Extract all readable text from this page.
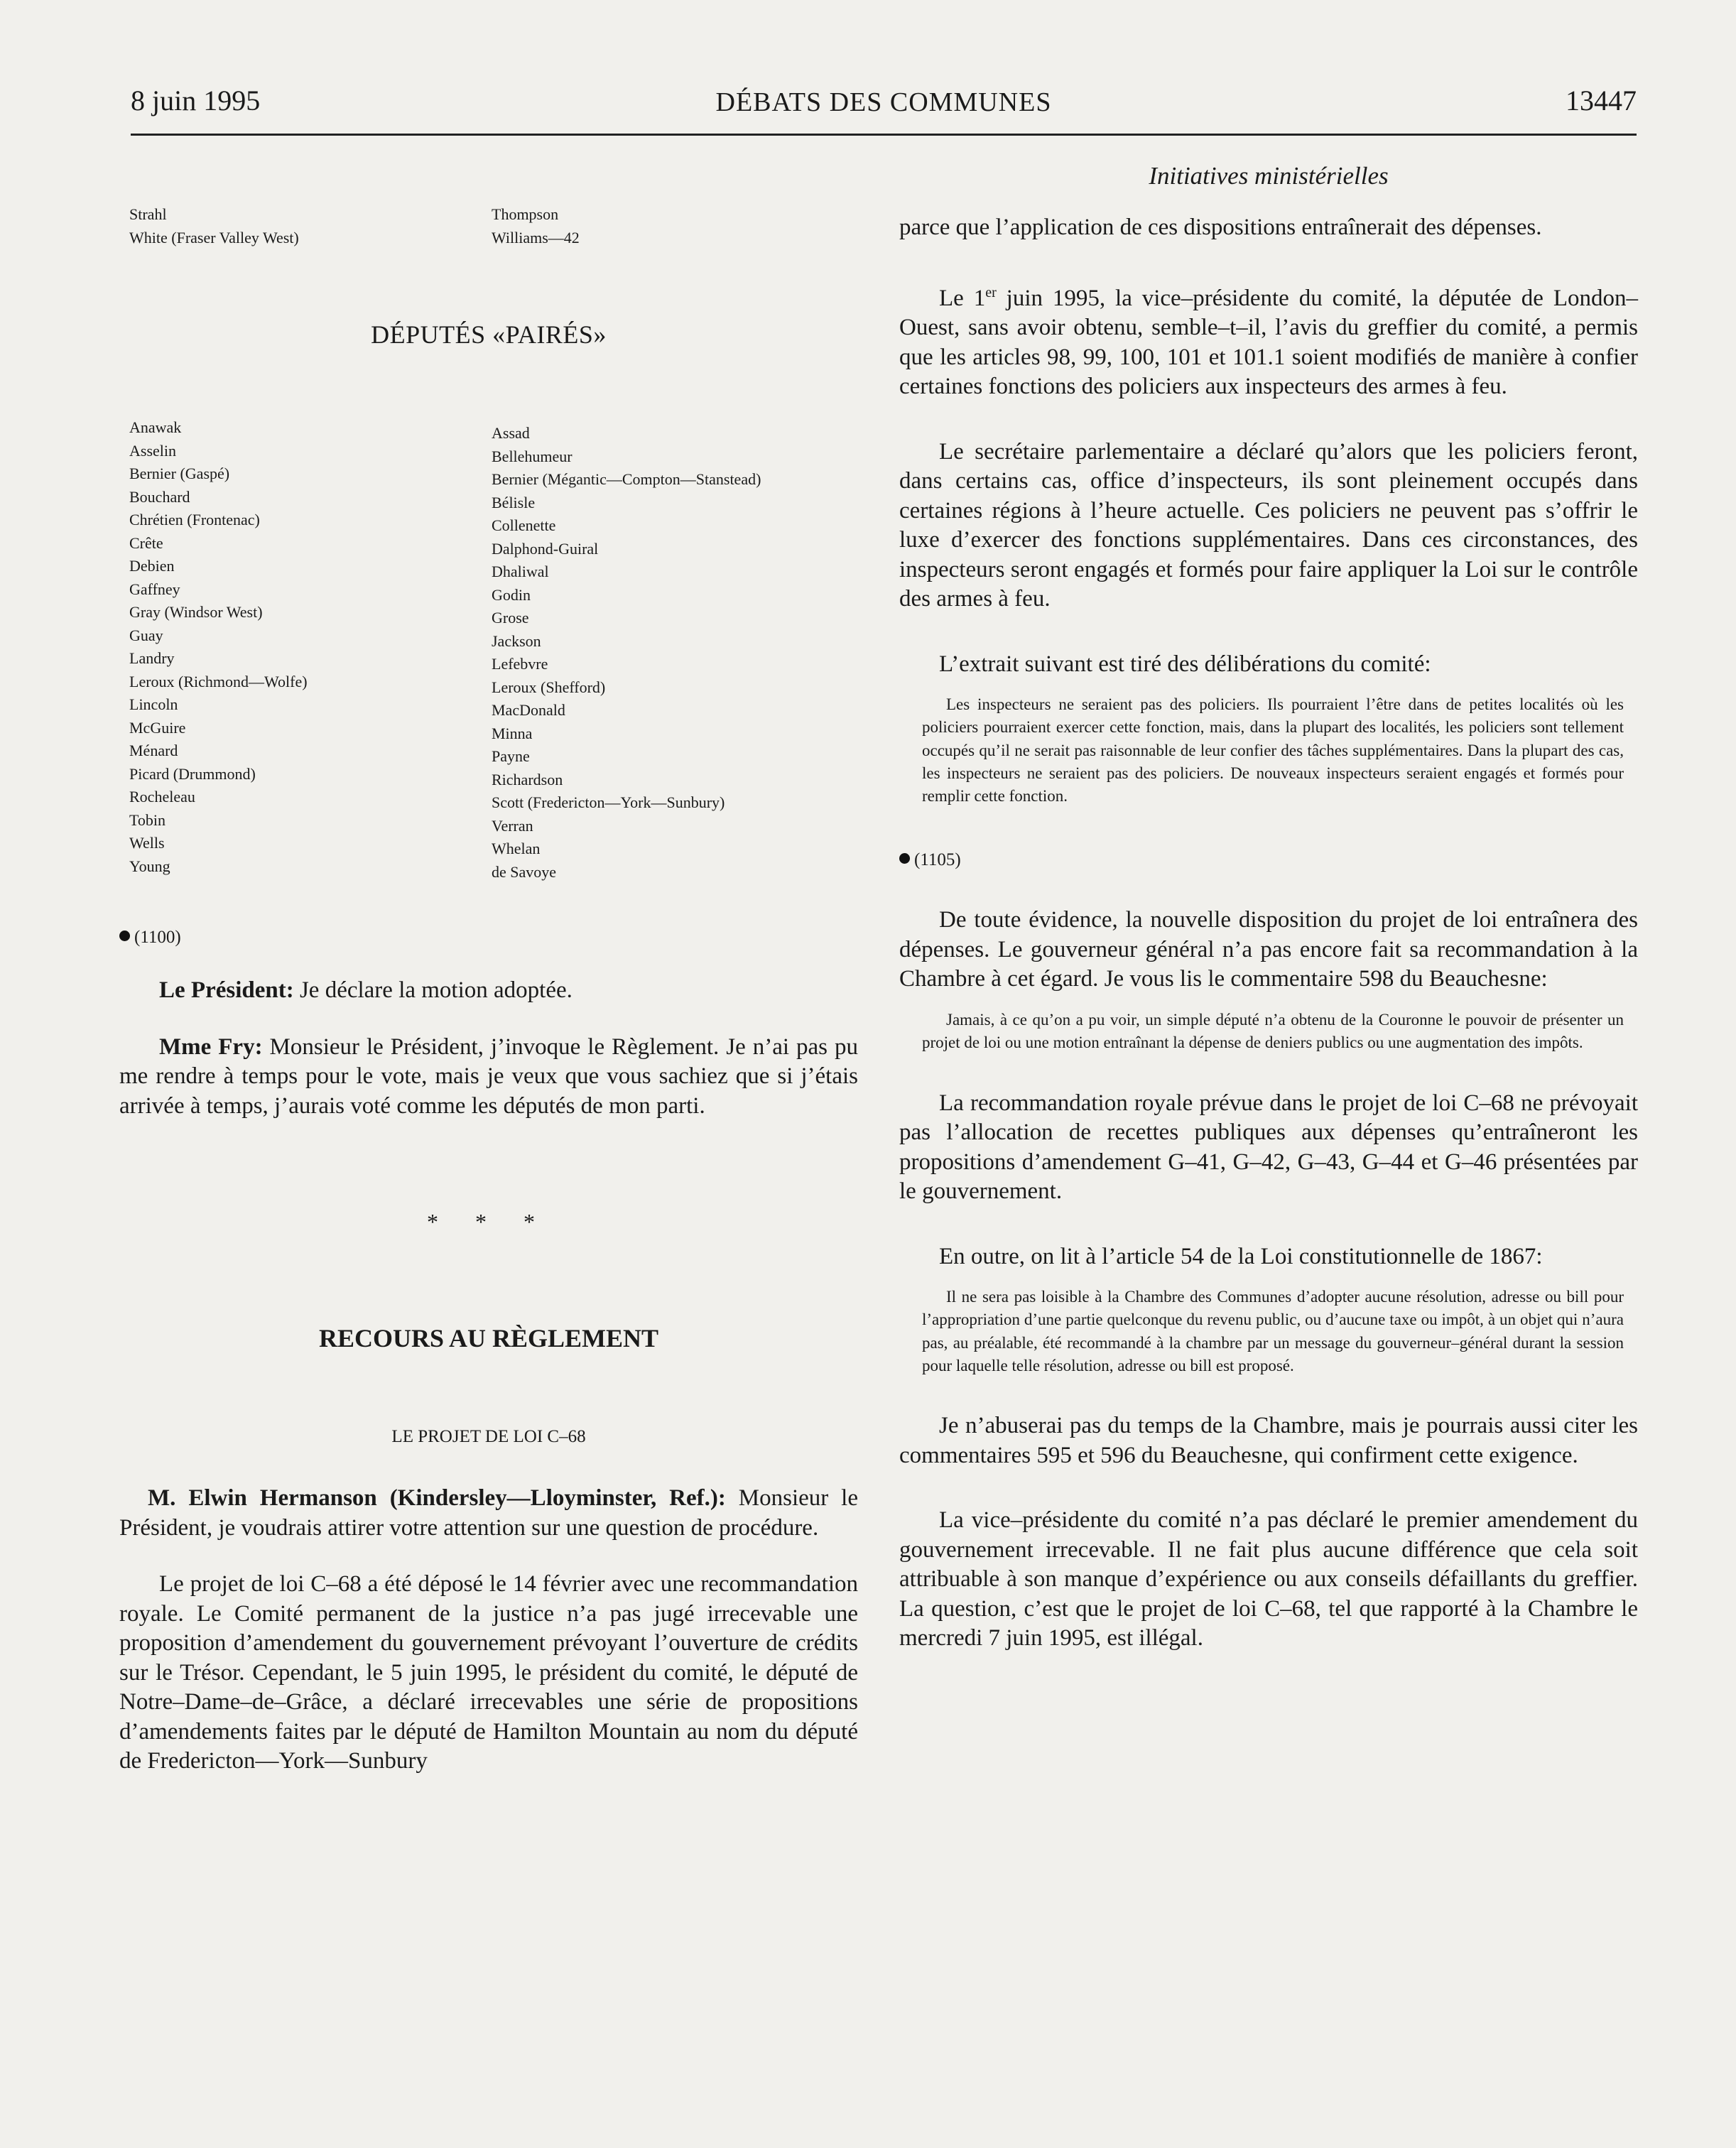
8 juin 1995	DÉBATS DES COMMUNES	13447
Initiatives ministérielles
Strahl
White (Fraser Valley West)
Thompson
Williams—42
DÉPUTÉS «PAIRÉS»
Anawak
Asselin
Bernier (Gaspé)
Bouchard
Chrétien (Frontenac)
Crête
Debien
Gaffney
Gray (Windsor West)
Guay
Landry
Leroux (Richmond—Wolfe)
Lincoln
McGuire
Ménard
Picard (Drummond)
Rocheleau
Tobin
Wells
Young
Assad
Bellehumeur
Bernier (Mégantic—Compton—Stanstead)
Bélisle
Collenette
Dalphond-Guiral
Dhaliwal
Godin
Grose
Jackson
Lefebvre
Leroux (Shefford)
MacDonald
Minna
Payne
Richardson
Scott (Fredericton—York—Sunbury)
Verran
Whelan
de Savoye
(1100)

Le Président: Je déclare la motion adoptée.

Mme Fry: Monsieur le Président, j’invoque le Règlement. Je n’ai pas pu me rendre à temps pour le vote, mais je veux que vous sachiez que si j’étais arrivée à temps, j’aurais voté comme les députés de mon parti.

* * *
RECOURS AU RÈGLEMENT
LE PROJET DE LOI C–68

M. Elwin Hermanson (Kindersley—Lloyminster, Ref.): Monsieur le Président, je voudrais attirer votre attention sur une question de procédure.

Le projet de loi C–68 a été déposé le 14 février avec une recommandation royale. Le Comité permanent de la justice n’a pas jugé irrecevable une proposition d’amendement du gouvernement prévoyant l’ouverture de crédits sur le Trésor. Cependant, le 5 juin 1995, le président du comité, le député de Notre–Dame–de–Grâce, a déclaré irrecevables une série de propositions d’amendements faites par le député de Hamilton Mountain au nom du député de Fredericton—York—Sunbury

parce que l’application de ces dispositions entraînerait des dépenses.

Le 1er juin 1995, la vice–présidente du comité, la députée de London–Ouest, sans avoir obtenu, semble–t–il, l’avis du greffier du comité, a permis que les articles 98, 99, 100, 101 et 101.1 soient modifiés de manière à confier certaines fonctions des policiers aux inspecteurs des armes à feu.

Le secrétaire parlementaire a déclaré qu’alors que les policiers feront, dans certains cas, office d’inspecteurs, ils sont pleinement occupés dans certaines régions à l’heure actuelle. Ces policiers ne peuvent pas s’offrir le luxe d’exercer des fonctions supplémentaires. Dans ces circonstances, des inspecteurs seront engagés et formés pour faire appliquer la Loi sur le contrôle des armes à feu.

L’extrait suivant est tiré des délibérations du comité:

Les inspecteurs ne seraient pas des policiers. Ils pourraient l’être dans de petites localités où les policiers pourraient exercer cette fonction, mais, dans la plupart des localités, les policiers sont tellement occupés qu’il ne serait pas raisonnable de leur confier des tâches supplémentaires. Dans la plupart des cas, les inspecteurs ne seraient pas des policiers. De nouveaux inspecteurs seraient engagés et formés pour remplir cette fonction.

(1105)

De toute évidence, la nouvelle disposition du projet de loi entraînera des dépenses. Le gouverneur général n’a pas encore fait sa recommandation à la Chambre à cet égard. Je vous lis le commentaire 598 du Beauchesne:

Jamais, à ce qu’on a pu voir, un simple député n’a obtenu de la Couronne le pouvoir de présenter un projet de loi ou une motion entraînant la dépense de deniers publics ou une augmentation des impôts.

La recommandation royale prévue dans le projet de loi C–68 ne prévoyait pas l’allocation de recettes publiques aux dépenses qu’entraîneront les propositions d’amendement G–41, G–42, G–43, G–44 et G–46 présentées par le gouvernement.

En outre, on lit à l’article 54 de la Loi constitutionnelle de 1867:

Il ne sera pas loisible à la Chambre des Communes d’adopter aucune résolution, adresse ou bill pour l’appropriation d’une partie quelconque du revenu public, ou d’aucune taxe ou impôt, à un objet qui n’aura pas, au préalable, été recommandé à la chambre par un message du gouverneur–général durant la session pour laquelle telle résolution, adresse ou bill est proposé.

Je n’abuserai pas du temps de la Chambre, mais je pourrais aussi citer les commentaires 595 et 596 du Beauchesne, qui confirment cette exigence.

La vice–présidente du comité n’a pas déclaré le premier amendement du gouvernement irrecevable. Il ne fait plus aucune différence que cela soit attribuable à son manque d’expérience ou aux conseils défaillants du greffier. La question, c’est que le projet de loi C–68, tel que rapporté à la Chambre le mercredi 7 juin 1995, est illégal.
